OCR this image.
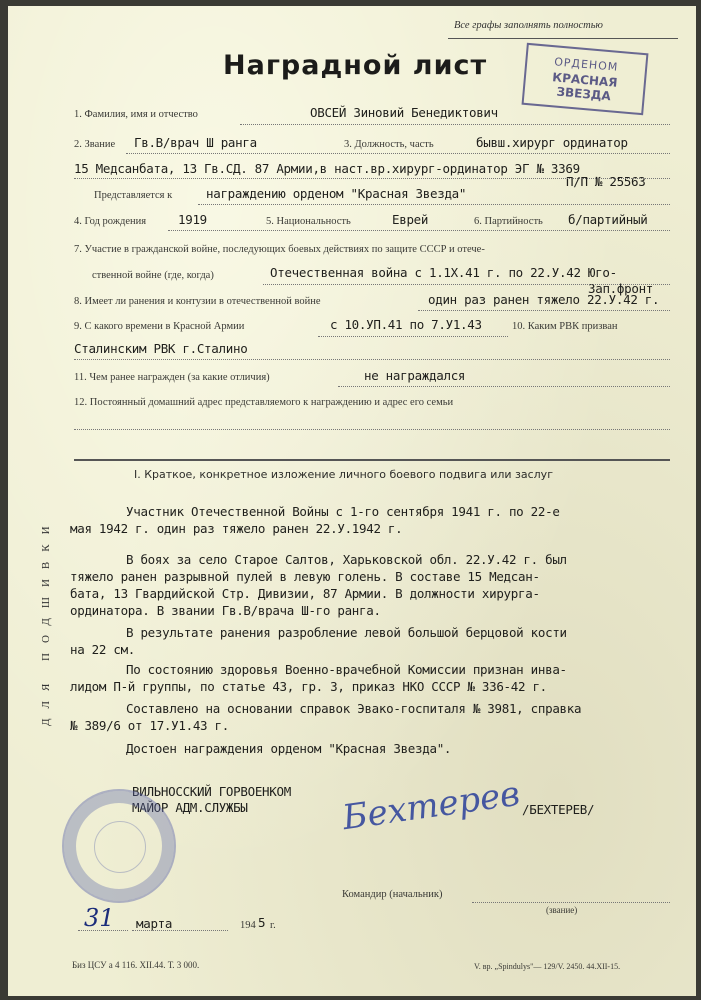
Все графы заполнять полностью
Наградной лист	ОРДЕНОМ
КРАСНАЯ ЗВЕЗДА
ДЛЯ ПОДШИВКИ
1. Фамилия, имя и отчество	ОВСЕЙ Зиновий Бенедиктович
2. Звание Гв.В/врач Ш ранга	3. Должность, часть	бывш.хирург ординатор
15 Медсанбата, 13 Гв.СД. 87 Армии,в наст.вр.хирург-ординатор ЭГ № 3369
П/П № 25563
Представляется к	награждению орденом "Красная Звезда"
4. Год рождения	1919	5. Национальность	Еврей	6. Партийность б/партийный
7. Участие в гражданской войне, последующих боевых действиях по защите СССР и отече-
ственной войне (где, когда)	Отечественная война с 1.1Х.41 г. по 22.У.42 Юго-
Зап.фронт
8. Имеет ли ранения и контузии в отечественной войне	один раз ранен тяжело 22.У.42 г.
9. С какого времени в Красной Армии	с 10.УП.41 по 7.У1.43	10. Каким РВК призван
Сталинским РВК г.Сталино
11. Чем ранее награжден (за какие отличия)	не награждался
12. Постоянный домашний адрес представляемого к награждению и адрес его семьи
I. Краткое, конкретное изложение личного боевого подвига или заслуг
Участник Отечественной Войны с 1-го сентября 1941 г. по 22-е
мая 1942 г. один раз тяжело ранен 22.У.1942 г.
В боях за село Старое Салтов, Харьковской обл. 22.У.42 г. был
тяжело ранен разрывной пулей в левую голень. В составе 15 Медсан-
бата, 13 Гвардийской Стр. Дивизии, 87 Армии. В должности хирурга-
ординатора. В звании Гв.В/врача Ш-го ранга.
В результате ранения разробление левой большой берцовой кости
на 22 см.
По состоянию здоровья Военно-врачебной Комиссии признан инва-
лидом П-й группы, по статье 43, гр. 3, приказ НКО СССР № 336-42 г.
Составлено на основании справок Эвако-госпиталя № 3981, справка
№ 389/6 от 17.У1.43 г.
Достоен награждения орденом "Красная Звезда".
ВИЛЬНОССКИЙ ГОРВОЕНКОМ
МАЙОР АДМ.СЛУЖБЫ	Бехтерев /БЕХТЕРЕВ/
Командир (начальник)
(звание)
31 марта	194 5 г.
Биз ЦСУ а 4 116. XII.44. Т. 3 000.	V. вр. „Spindulys"— 129/V. 2450. 44.XII-15.
